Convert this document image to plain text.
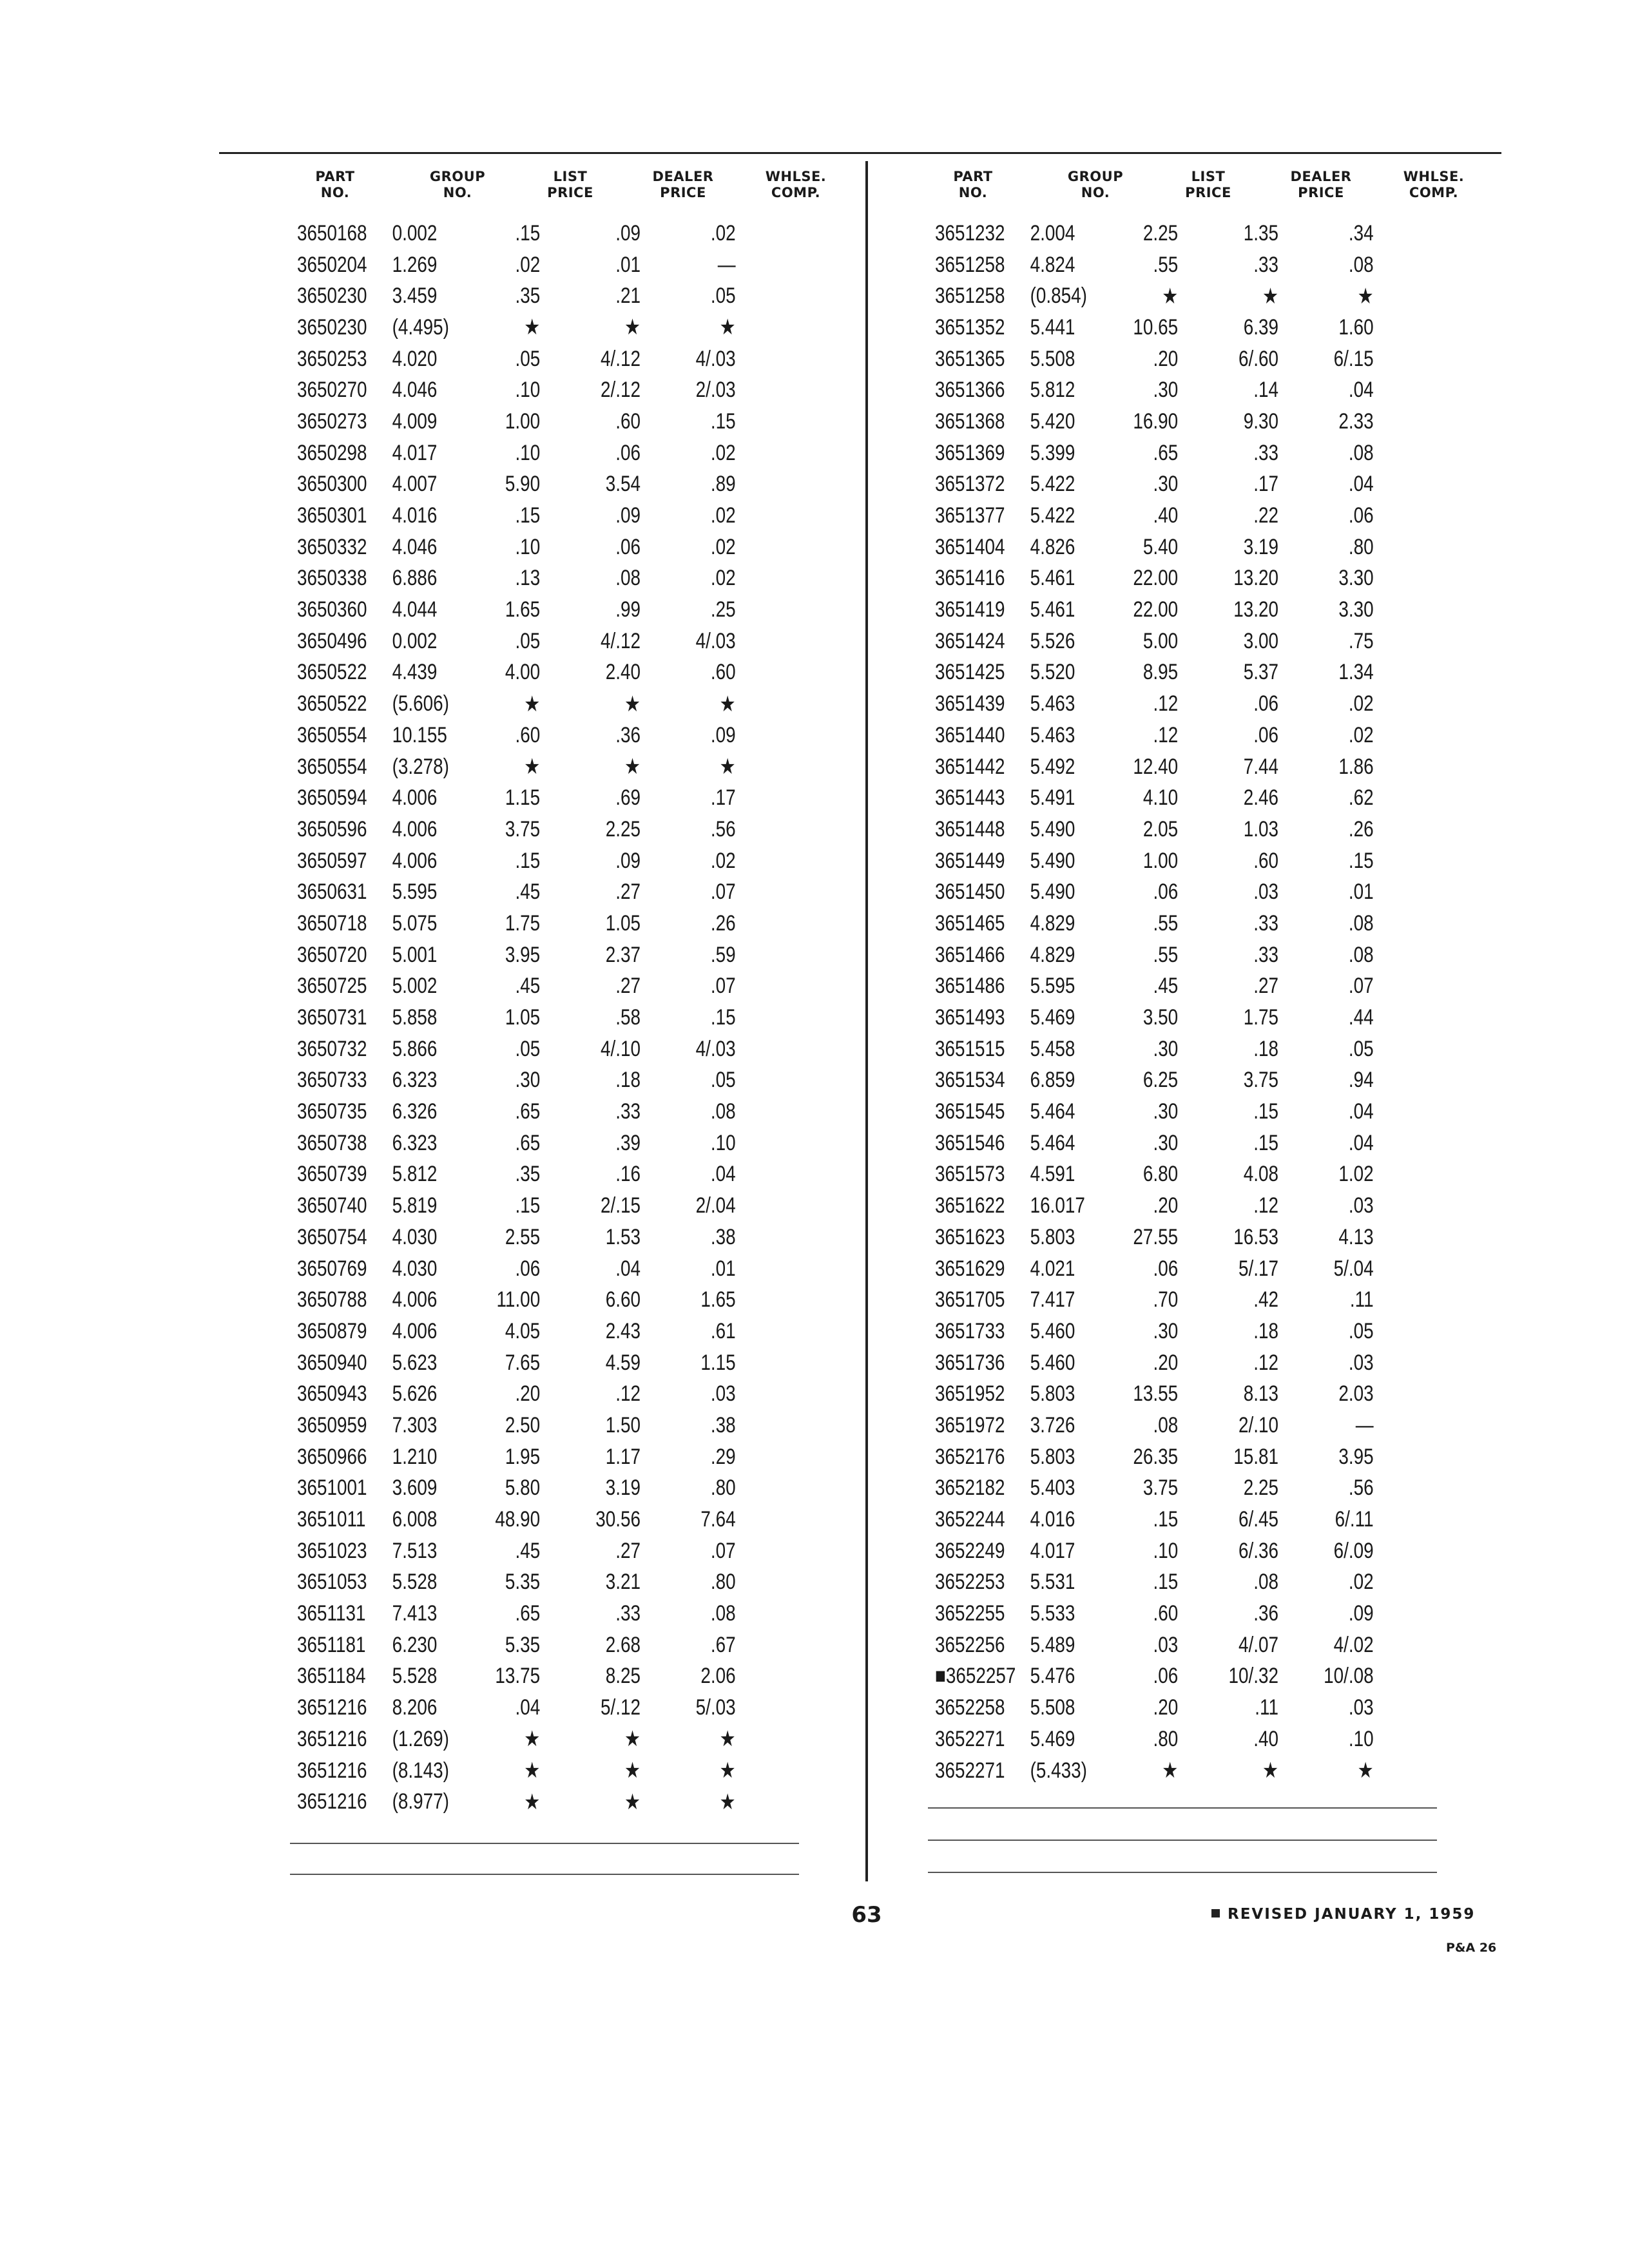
PART
NO.
GROUP
NO.
LIST
PRICE
DEALER
PRICE
WHLSE.
COMP.
3650168	0.002	.15	.09	.02
3650204	1.269	.02	.01	—
3650230	3.459	.35	.21	.05
3650230	(4.495)	★	★	★
3650253	4.020	.05	4/.12	4/.03
3650270	4.046	.10	2/.12	2/.03
3650273	4.009	1.00	.60	.15
3650298	4.017	.10	.06	.02
3650300	4.007	5.90	3.54	.89
3650301	4.016	.15	.09	.02
3650332	4.046	.10	.06	.02
3650338	6.886	.13	.08	.02
3650360	4.044	1.65	.99	.25
3650496	0.002	.05	4/.12	4/.03
3650522	4.439	4.00	2.40	.60
3650522	(5.606)	★	★	★
3650554	10.155	.60	.36	.09
3650554	(3.278)	★	★	★
3650594	4.006	1.15	.69	.17
3650596	4.006	3.75	2.25	.56
3650597	4.006	.15	.09	.02
3650631	5.595	.45	.27	.07
3650718	5.075	1.75	1.05	.26
3650720	5.001	3.95	2.37	.59
3650725	5.002	.45	.27	.07
3650731	5.858	1.05	.58	.15
3650732	5.866	.05	4/.10	4/.03
3650733	6.323	.30	.18	.05
3650735	6.326	.65	.33	.08
3650738	6.323	.65	.39	.10
3650739	5.812	.35	.16	.04
3650740	5.819	.15	2/.15	2/.04
3650754	4.030	2.55	1.53	.38
3650769	4.030	.06	.04	.01
3650788	4.006	11.00	6.60	1.65
3650879	4.006	4.05	2.43	.61
3650940	5.623	7.65	4.59	1.15
3650943	5.626	.20	.12	.03
3650959	7.303	2.50	1.50	.38
3650966	1.210	1.95	1.17	.29
3651001	3.609	5.80	3.19	.80
3651011	6.008	48.90	30.56	7.64
3651023	7.513	.45	.27	.07
3651053	5.528	5.35	3.21	.80
3651131	7.413	.65	.33	.08
3651181	6.230	5.35	2.68	.67
3651184	5.528	13.75	8.25	2.06
3651216	8.206	.04	5/.12	5/.03
3651216	(1.269)	★	★	★
3651216	(8.143)	★	★	★
3651216	(8.977)	★	★	★
PART
NO.
GROUP
NO.
LIST
PRICE
DEALER
PRICE
WHLSE.
COMP.
3651232	2.004	2.25	1.35	.34
3651258	4.824	.55	.33	.08
3651258	(0.854)	★	★	★
3651352	5.441	10.65	6.39	1.60
3651365	5.508	.20	6/.60	6/.15
3651366	5.812	.30	.14	.04
3651368	5.420	16.90	9.30	2.33
3651369	5.399	.65	.33	.08
3651372	5.422	.30	.17	.04
3651377	5.422	.40	.22	.06
3651404	4.826	5.40	3.19	.80
3651416	5.461	22.00	13.20	3.30
3651419	5.461	22.00	13.20	3.30
3651424	5.526	5.00	3.00	.75
3651425	5.520	8.95	5.37	1.34
3651439	5.463	.12	.06	.02
3651440	5.463	.12	.06	.02
3651442	5.492	12.40	7.44	1.86
3651443	5.491	4.10	2.46	.62
3651448	5.490	2.05	1.03	.26
3651449	5.490	1.00	.60	.15
3651450	5.490	.06	.03	.01
3651465	4.829	.55	.33	.08
3651466	4.829	.55	.33	.08
3651486	5.595	.45	.27	.07
3651493	5.469	3.50	1.75	.44
3651515	5.458	.30	.18	.05
3651534	6.859	6.25	3.75	.94
3651545	5.464	.30	.15	.04
3651546	5.464	.30	.15	.04
3651573	4.591	6.80	4.08	1.02
3651622	16.017	.20	.12	.03
3651623	5.803	27.55	16.53	4.13
3651629	4.021	.06	5/.17	5/.04
3651705	7.417	.70	.42	.11
3651733	5.460	.30	.18	.05
3651736	5.460	.20	.12	.03
3651952	5.803	13.55	8.13	2.03
3651972	3.726	.08	2/.10	—
3652176	5.803	26.35	15.81	3.95
3652182	5.403	3.75	2.25	.56
3652244	4.016	.15	6/.45	6/.11
3652249	4.017	.10	6/.36	6/.09
3652253	5.531	.15	.08	.02
3652255	5.533	.60	.36	.09
3652256	5.489	.03	4/.07	4/.02
■3652257 5.476	.06	10/.32	10/.08
3652258	5.508	.20	.11	.03
3652271	5.469	.80	.40	.10
3652271	(5.433)	★	★	★
63	REVISED JANUARY 1, 1959
P&A 26
